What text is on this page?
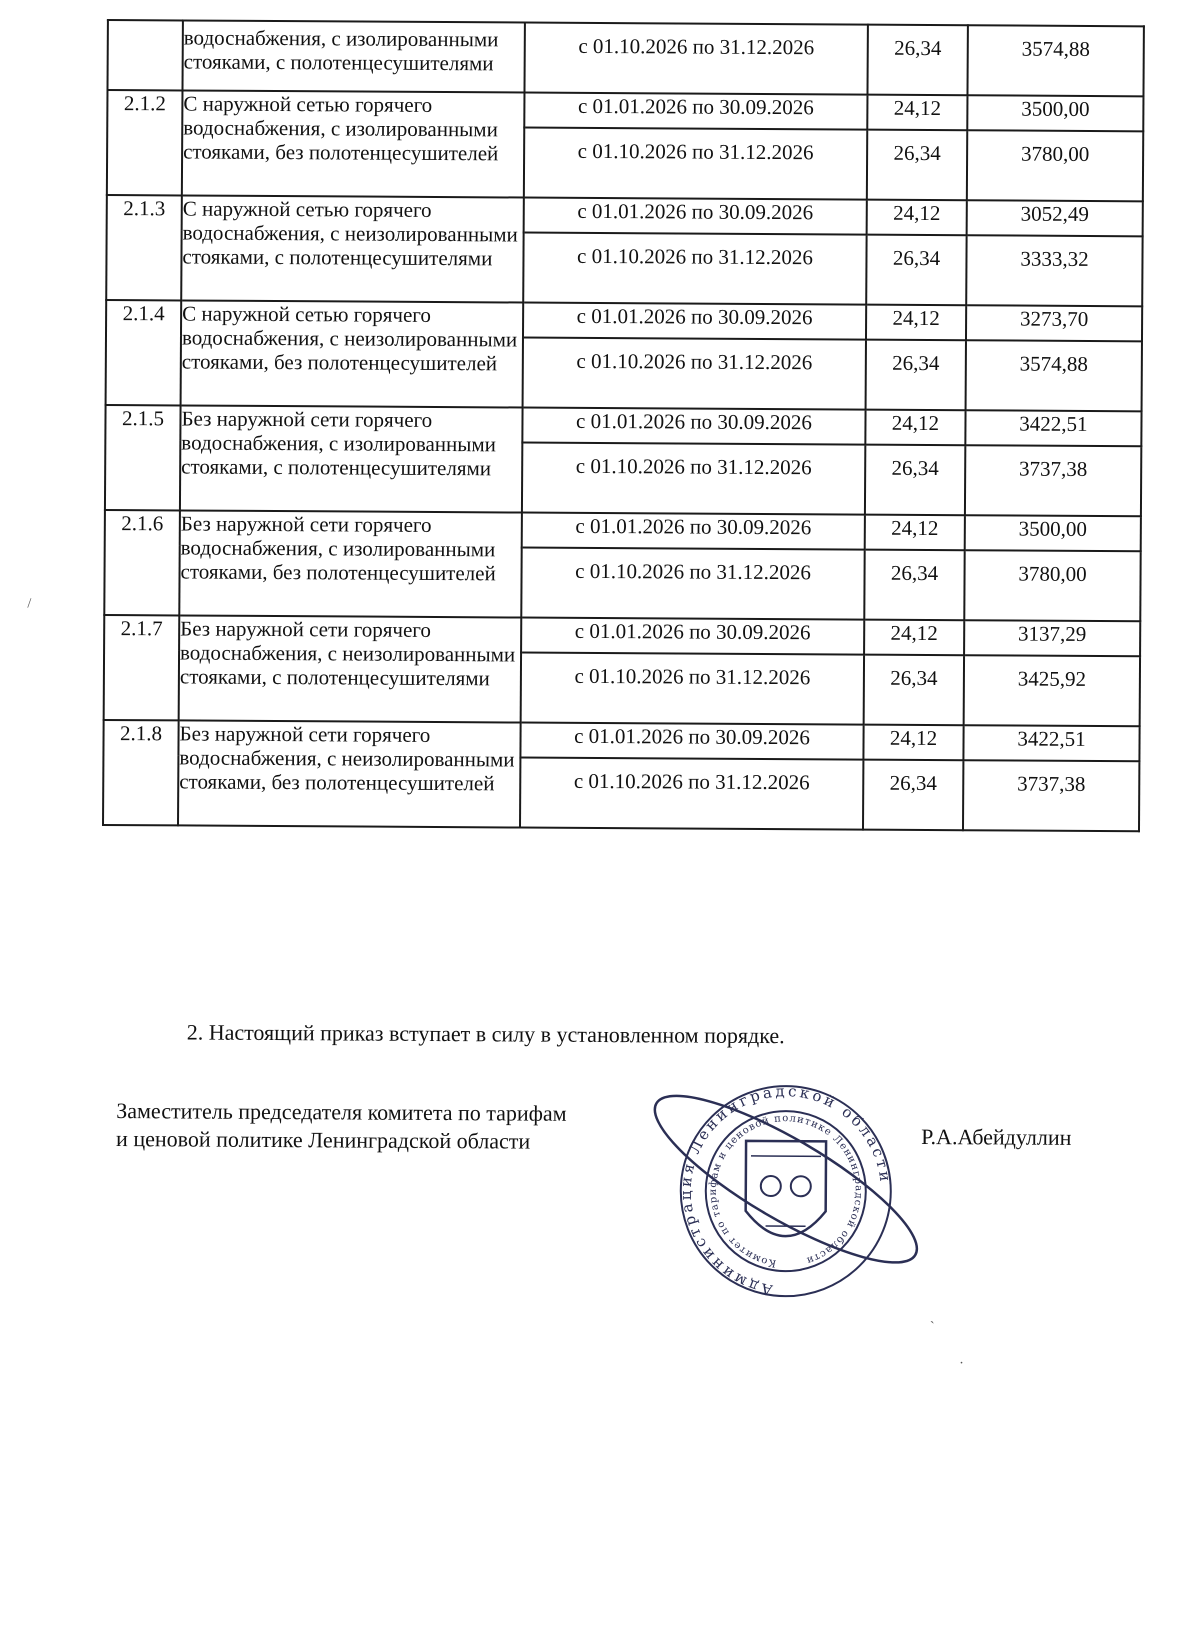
	водоснабжения, с изолированными стояками, с полотенцесушителями	с 01.10.2026 по 31.12.2026	26,34	3574,88
2.1.2	С наружной сетью горячего водоснабжения, с изолированными стояками, без полотенцесушителей	с 01.01.2026 по 30.09.2026	24,12	3500,00
		с 01.10.2026 по 31.12.2026	26,34	3780,00
2.1.3	С наружной сетью горячего водоснабжения, с неизолированными стояками, с полотенцесушителями	с 01.01.2026 по 30.09.2026	24,12	3052,49
		с 01.10.2026 по 31.12.2026	26,34	3333,32
2.1.4	С наружной сетью горячего водоснабжения, с неизолированными стояками, без полотенцесушителей	с 01.01.2026 по 30.09.2026	24,12	3273,70
		с 01.10.2026 по 31.12.2026	26,34	3574,88
2.1.5	Без наружной сети горячего водоснабжения, с изолированными стояками, с полотенцесушителями	с 01.01.2026 по 30.09.2026	24,12	3422,51
		с 01.10.2026 по 31.12.2026	26,34	3737,38
2.1.6	Без наружной сети горячего водоснабжения, с изолированными стояками, без полотенцесушителей	с 01.01.2026 по 30.09.2026	24,12	3500,00
		с 01.10.2026 по 31.12.2026	26,34	3780,00
2.1.7	Без наружной сети горячего водоснабжения, с неизолированными стояками, с полотенцесушителями	с 01.01.2026 по 30.09.2026	24,12	3137,29
		с 01.10.2026 по 31.12.2026	26,34	3425,92
2.1.8	Без наружной сети горячего водоснабжения, с неизолированными стояками, без полотенцесушителей	с 01.01.2026 по 30.09.2026	24,12	3422,51
		с 01.10.2026 по 31.12.2026	26,34	3737,38

2. Настоящий приказ вступает в силу в установленном порядке.

Заместитель председателя комитета по тарифам
и ценовой политике Ленинградской области	Р.А.Абейдуллин

Администрация Ленинградской области
Комитет по тарифам и ценовой политике Ленинградской области
/
`
.
